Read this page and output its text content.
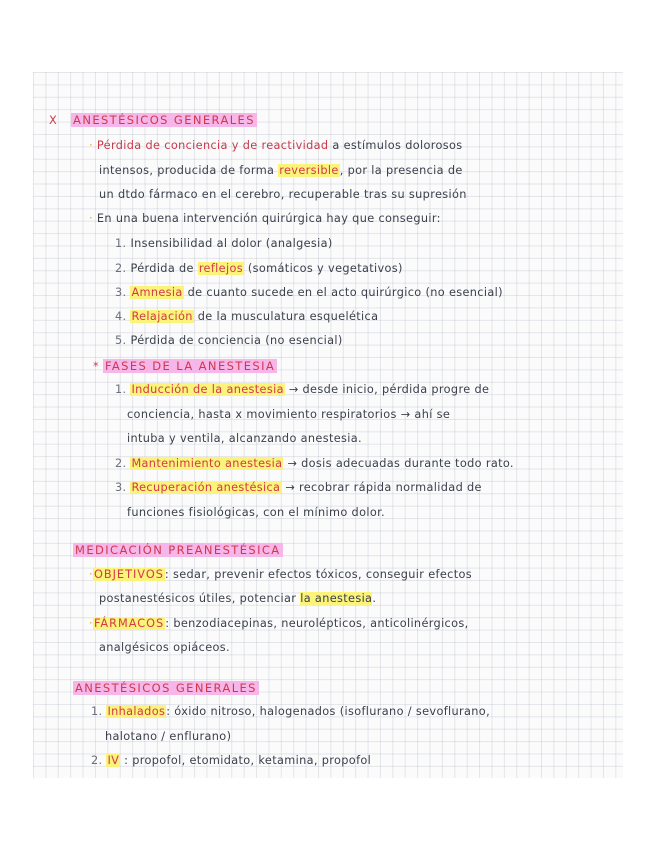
X ANESTÉSICOS GENERALES
· Pérdida de conciencia y de reactividad a estímulos dolorosos
intensos, producida de forma reversible, por la presencia de
un dtdo fármaco en el cerebro, recuperable tras su supresión
· En una buena intervención quirúrgica hay que conseguir:
1. Insensibilidad al dolor (analgesia)
2. Pérdida de reflejos (somáticos y vegetativos)
3. Amnesia de cuanto sucede en el acto quirúrgico (no esencial)
4. Relajación de la musculatura esquelética
5. Pérdida de conciencia (no esencial)
* FASES DE LA ANESTESIA
1. Inducción de la anestesia → desde inicio, pérdida progre de
conciencia, hasta x movimiento respiratorios → ahí se
intuba y ventila, alcanzando anestesia.
2. Mantenimiento anestesia → dosis adecuadas durante todo rato.
3. Recuperación anestésica → recobrar rápida normalidad de
funciones fisiológicas, con el mínimo dolor.
MEDICACIÓN PREANESTÉSICA
·OBJETIVOS: sedar, prevenir efectos tóxicos, conseguir efectos
postanestésicos útiles, potenciar la anestesia.
·FÁRMACOS: benzodiacepinas, neurolépticos, anticolinérgicos,
analgésicos opiáceos.
ANESTÉSICOS GENERALES
1. Inhalados: óxido nitroso, halogenados (isoflurano / sevoflurano,
halotano / enflurano)
2. IV : propofol, etomidato, ketamina, propofol
